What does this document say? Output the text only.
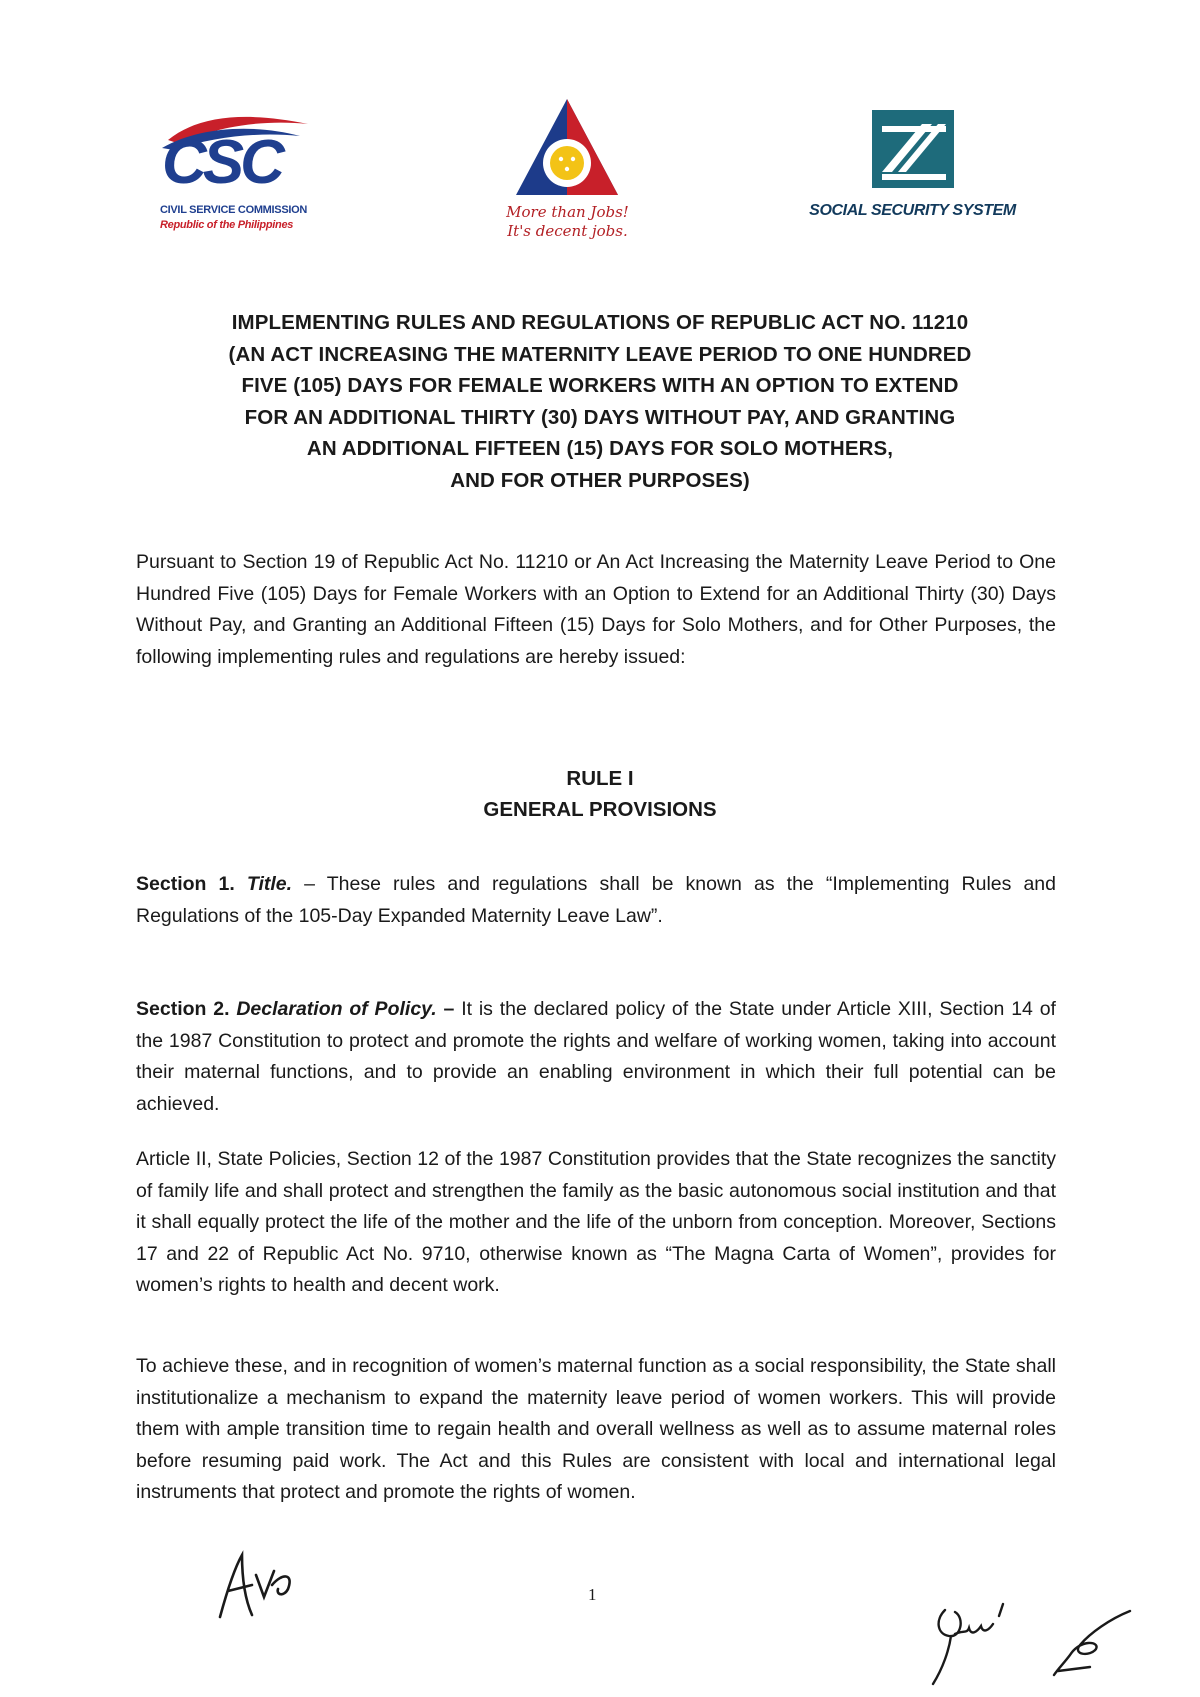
CSC
CIVIL SERVICE COMMISSION
Republic of the Philippines
More than Jobs!
It's decent jobs.
SOCIAL SECURITY SYSTEM
IMPLEMENTING RULES AND REGULATIONS OF REPUBLIC ACT NO. 11210
(AN ACT INCREASING THE MATERNITY LEAVE PERIOD TO ONE HUNDRED
FIVE (105) DAYS FOR FEMALE WORKERS WITH AN OPTION TO EXTEND
FOR AN ADDITIONAL THIRTY (30) DAYS WITHOUT PAY, AND GRANTING
AN ADDITIONAL FIFTEEN (15) DAYS FOR SOLO MOTHERS,
AND FOR OTHER PURPOSES)
Pursuant to Section 19 of Republic Act No. 11210 or An Act Increasing the Maternity Leave Period to One Hundred Five (105) Days for Female Workers with an Option to Extend for an Additional Thirty (30) Days Without Pay, and Granting an Additional Fifteen (15) Days for Solo Mothers, and for Other Purposes, the following implementing rules and regulations are hereby issued:
RULE I
GENERAL PROVISIONS
Section 1. Title. – These rules and regulations shall be known as the “Implementing Rules and Regulations of the 105-Day Expanded Maternity Leave Law”.
Section 2. Declaration of Policy. – It is the declared policy of the State under Article XIII, Section 14 of the 1987 Constitution to protect and promote the rights and welfare of working women, taking into account their maternal functions, and to provide an enabling environment in which their full potential can be achieved.
Article II, State Policies, Section 12 of the 1987 Constitution provides that the State recognizes the sanctity of family life and shall protect and strengthen the family as the basic autonomous social institution and that it shall equally protect the life of the mother and the life of the unborn from conception. Moreover, Sections 17 and 22 of Republic Act No. 9710, otherwise known as “The Magna Carta of Women”, provides for women’s rights to health and decent work.
To achieve these, and in recognition of women’s maternal function as a social responsibility, the State shall institutionalize a mechanism to expand the maternity leave period of women workers. This will provide them with ample transition time to regain health and overall wellness as well as to assume maternal roles before resuming paid work. The Act and this Rules are consistent with local and international legal instruments that protect and promote the rights of women.
1
